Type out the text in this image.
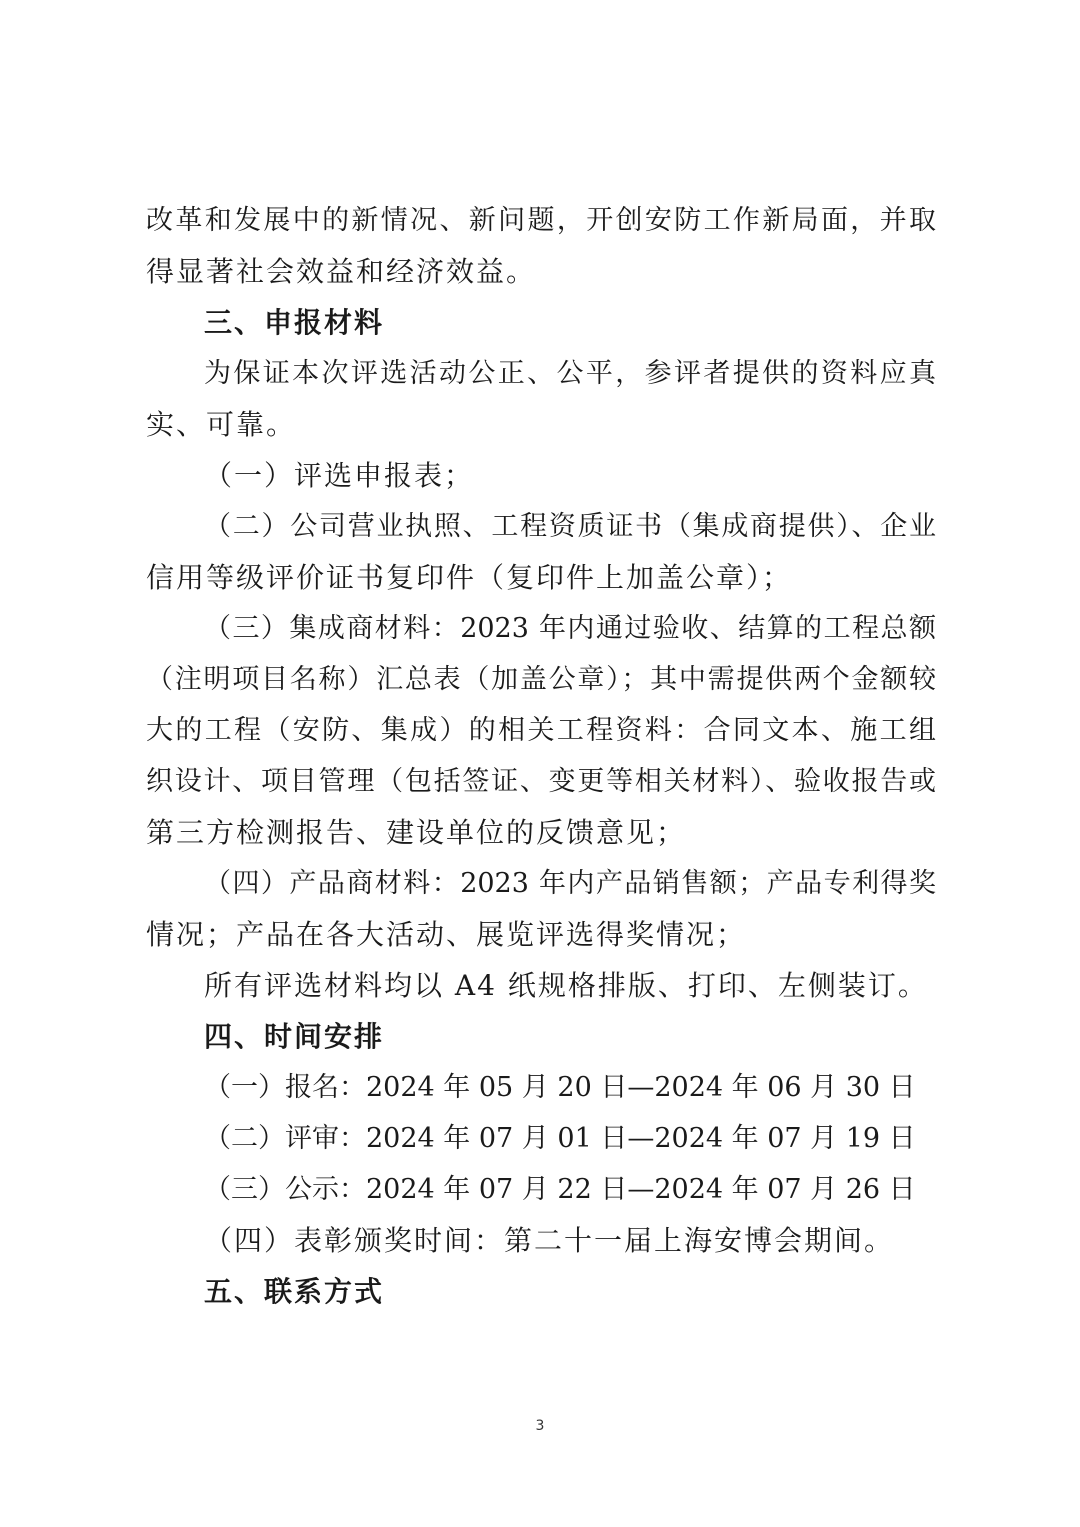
改革和发展中的新情况、新问题，开创安防工作新局面，并取
得显著社会效益和经济效益。
三、申报材料
为保证本次评选活动公正、公平，参评者提供的资料应真
实、可靠。
（一）评选申报表；
（二）公司营业执照、工程资质证书（集成商提供）、企业
信用等级评价证书复印件（复印件上加盖公章）；
（三）集成商材料：2023 年内通过验收、结算的工程总额
（注明项目名称）汇总表（加盖公章）；其中需提供两个金额较
大的工程（安防、集成）的相关工程资料：合同文本、施工组
织设计、项目管理（包括签证、变更等相关材料）、验收报告或
第三方检测报告、建设单位的反馈意见；
（四）产品商材料：2023 年内产品销售额；产品专利得奖
情况；产品在各大活动、展览评选得奖情况；
所有评选材料均以 A4 纸规格排版、打印、左侧装订。
四、时间安排
（一）报名：2024 年 05 月 20 日—2024 年 06 月 30 日
（二）评审：2024 年 07 月 01 日—2024 年 07 月 19 日
（三）公示：2024 年 07 月 22 日—2024 年 07 月 26 日
（四）表彰颁奖时间：第二十一届上海安博会期间。
五、联系方式
3
